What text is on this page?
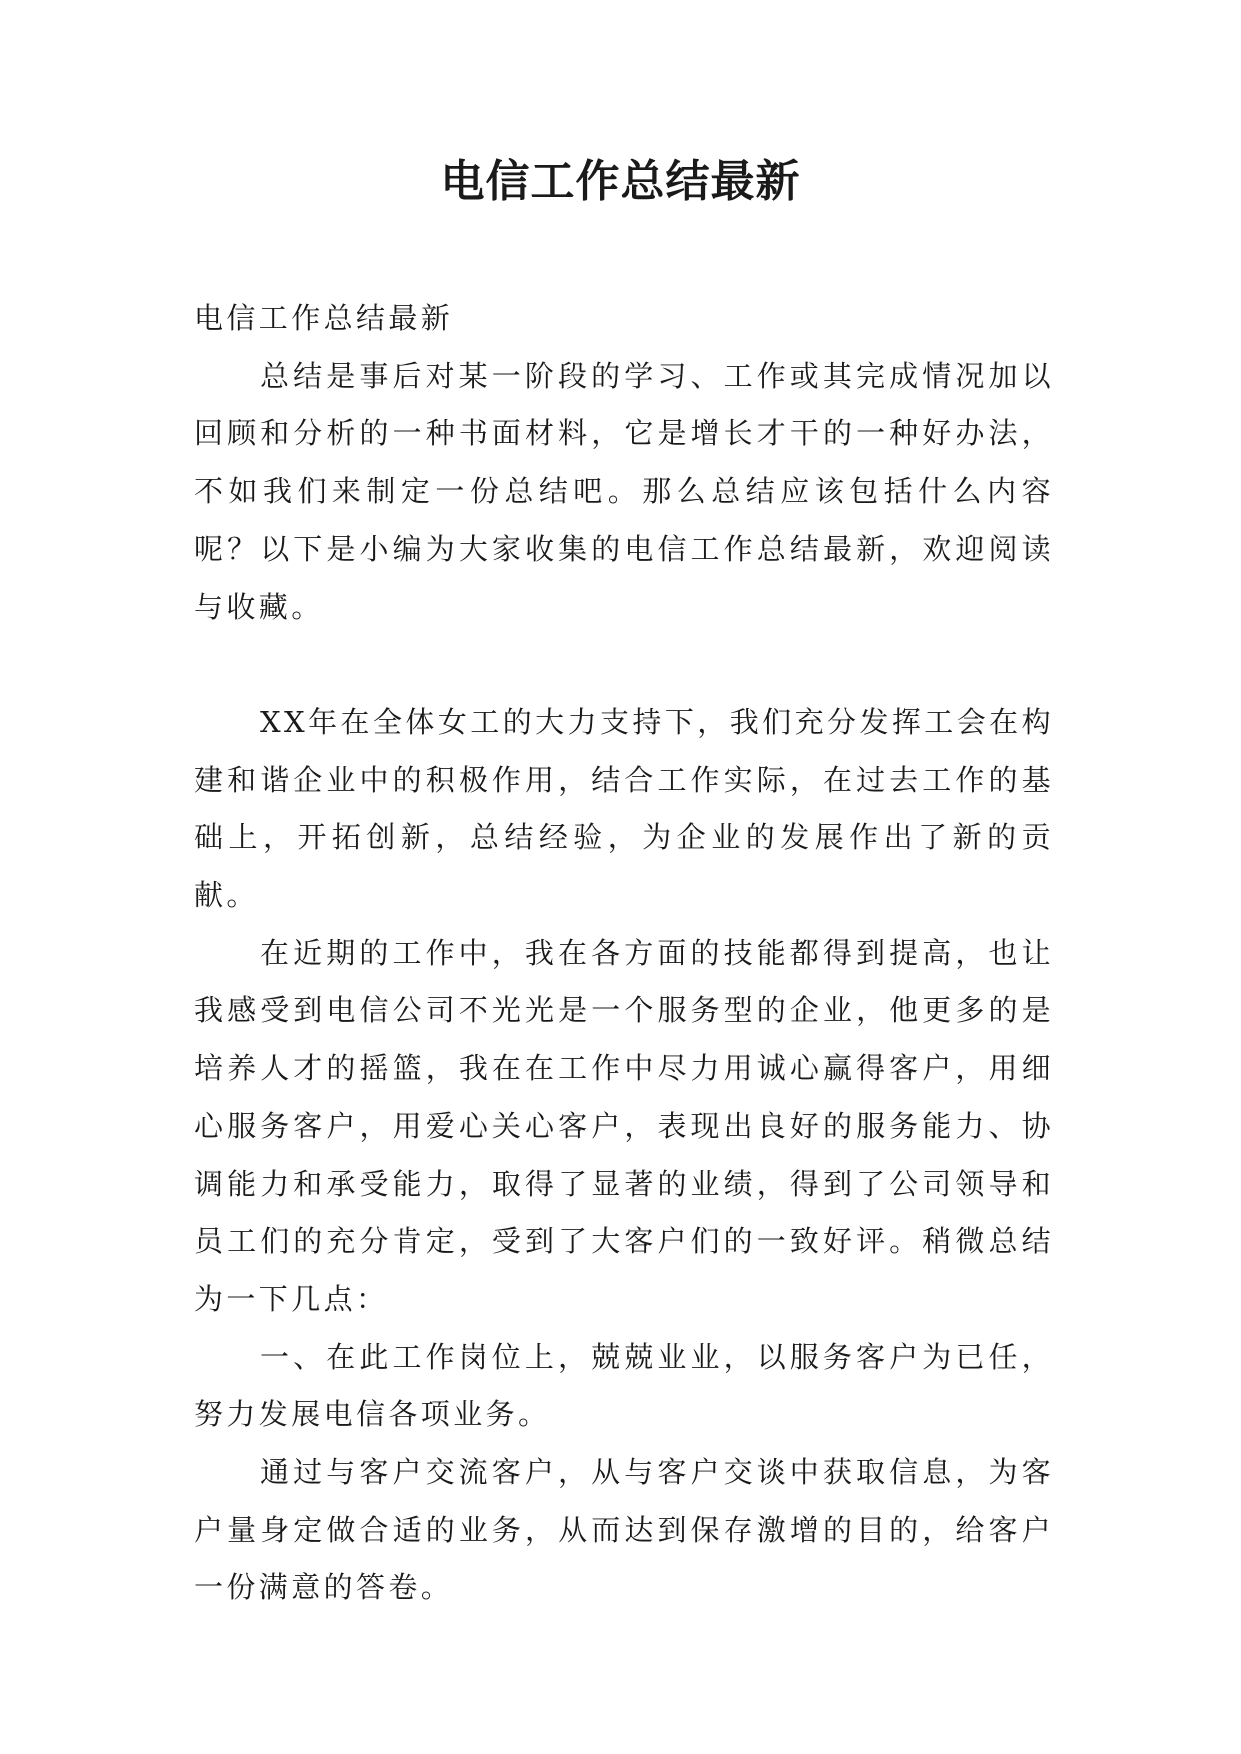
电信工作总结最新

电信工作总结最新

总结是事后对某一阶段的学习、工作或其完成情况加以回顾和分析的一种书面材料，它是增长才干的一种好办法，不如我们来制定一份总结吧。那么总结应该包括什么内容呢？以下是小编为大家收集的电信工作总结最新，欢迎阅读与收藏。

XX年在全体女工的大力支持下，我们充分发挥工会在构建和谐企业中的积极作用，结合工作实际，在过去工作的基础上，开拓创新，总结经验，为企业的发展作出了新的贡献。

在近期的工作中，我在各方面的技能都得到提高，也让我感受到电信公司不光光是一个服务型的企业，他更多的是培养人才的摇篮，我在在工作中尽力用诚心赢得客户，用细心服务客户，用爱心关心客户，表现出良好的服务能力、协调能力和承受能力，取得了显著的业绩，得到了公司领导和员工们的充分肯定，受到了大客户们的一致好评。稍微总结为一下几点：

一、在此工作岗位上，兢兢业业，以服务客户为已任，努力发展电信各项业务。

通过与客户交流客户，从与客户交谈中获取信息，为客户量身定做合适的业务，从而达到保存激增的目的，给客户一份满意的答卷。
